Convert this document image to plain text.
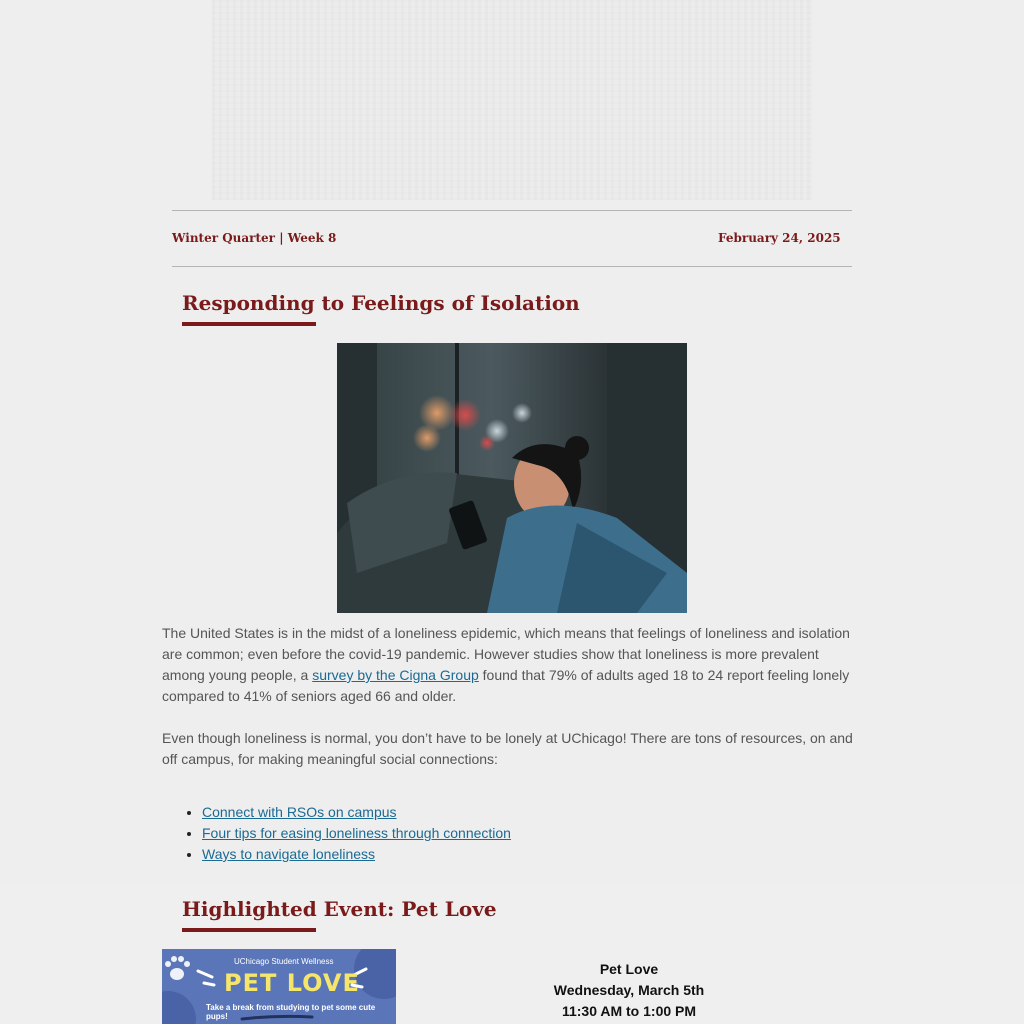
Winter Quarter | Week 8	February 24, 2025
Responding to Feelings of Isolation

The United States is in the midst of a loneliness epidemic, which means that feelings of loneliness and isolation are common; even before the covid-19 pandemic. However studies show that loneliness is more prevalent among young people, a survey by the Cigna Group found that 79% of adults aged 18 to 24 report feeling lonely compared to 41% of seniors aged 66 and older.

Even though loneliness is normal, you don’t have to be lonely at UChicago! There are tons of resources, on and off campus, for making meaningful social connections:

• Connect with RSOs on campus
• Four tips for easing loneliness through connection
• Ways to navigate loneliness
Highlighted Event: Pet Love
UChicago Student Wellness
PET LOVE
Take a break from studying to pet some cute pups!
Pet Love
Wednesday, March 5th
11:30 AM to 1:00 PM
